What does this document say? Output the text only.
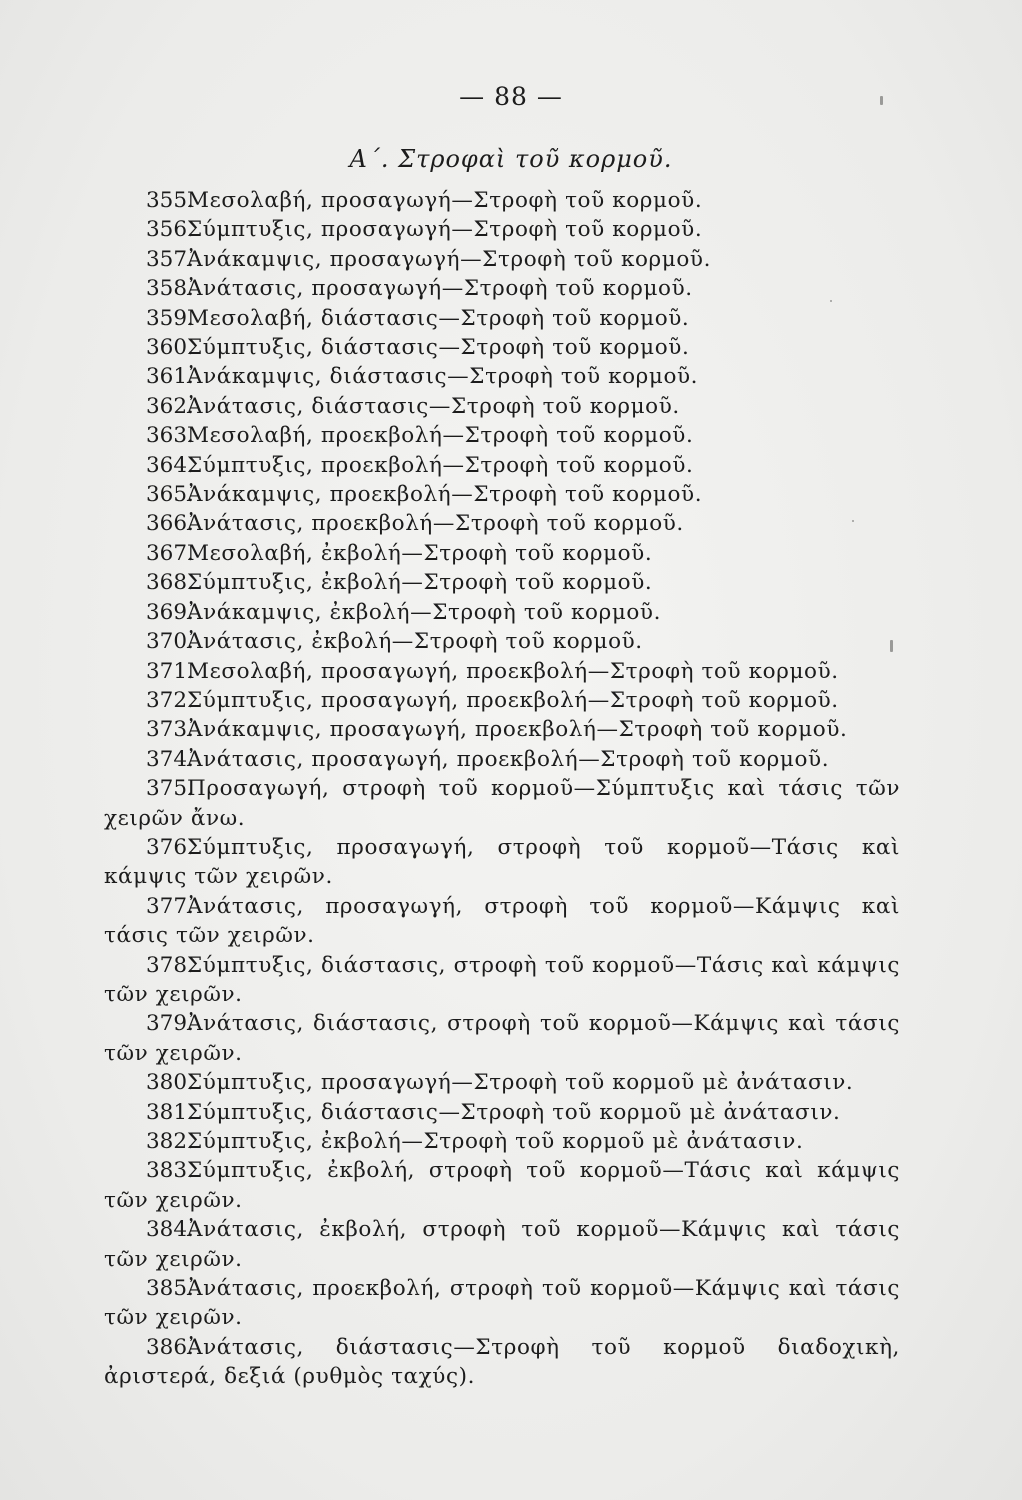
— 88 —
Α΄. Στροφαὶ τοῦ κορμοῦ.
355.Μεσολαβή, προσαγωγή—Στροφὴ τοῦ κορμοῦ.
356.Σύμπτυξις, προσαγωγή—Στροφὴ τοῦ κορμοῦ.
357.Ἀνάκαμψις, προσαγωγή—Στροφὴ τοῦ κορμοῦ.
358.Ἀνάτασις, προσαγωγή—Στροφὴ τοῦ κορμοῦ.
359.Μεσολαβή, διάστασις—Στροφὴ τοῦ κορμοῦ.
360.Σύμπτυξις, διάστασις—Στροφὴ τοῦ κορμοῦ.
361.Ἀνάκαμψις, διάστασις—Στροφὴ τοῦ κορμοῦ.
362.Ἀνάτασις, διάστασις—Στροφὴ τοῦ κορμοῦ.
363.Μεσολαβή, προεκβολή—Στροφὴ τοῦ κορμοῦ.
364.Σύμπτυξις, προεκβολή—Στροφὴ τοῦ κορμοῦ.
365.Ἀνάκαμψις, προεκβολή—Στροφὴ τοῦ κορμοῦ.
366.Ἀνάτασις, προεκβολή—Στροφὴ τοῦ κορμοῦ.
367.Μεσολαβή, ἐκβολή—Στροφὴ τοῦ κορμοῦ.
368.Σύμπτυξις, ἐκβολή—Στροφὴ τοῦ κορμοῦ.
369.Ἀνάκαμψις, ἐκβολή—Στροφὴ τοῦ κορμοῦ.
370.Ἀνάτασις, ἐκβολή—Στροφὴ τοῦ κορμοῦ.
371.Μεσολαβή, προσαγωγή, προεκβολή—Στροφὴ τοῦ κορμοῦ.
372.Σύμπτυξις, προσαγωγή, προεκβολή—Στροφὴ τοῦ κορμοῦ.
373.Ἀνάκαμψις, προσαγωγή, προεκβολή—Στροφὴ τοῦ κορμοῦ.
374.Ἀνάτασις, προσαγωγή, προεκβολή—Στροφὴ τοῦ κορμοῦ.
375.Προσαγωγή, στροφὴ τοῦ κορμοῦ—Σύμπτυξις καὶ τάσις τῶν χειρῶν ἄνω.
376.Σύμπτυξις, προσαγωγή, στροφὴ τοῦ κορμοῦ—Τάσις καὶ κάμψις τῶν χειρῶν.
377.Ἀνάτασις, προσαγωγή, στροφὴ τοῦ κορμοῦ—Κάμψις καὶ τάσις τῶν χειρῶν.
378.Σύμπτυξις, διάστασις, στροφὴ τοῦ κορμοῦ—Τάσις καὶ κάμψις τῶν χειρῶν.
379.Ἀνάτασις, διάστασις, στροφὴ τοῦ κορμοῦ—Κάμψις καὶ τάσις τῶν χειρῶν.
380.Σύμπτυξις, προσαγωγή—Στροφὴ τοῦ κορμοῦ μὲ ἀνάτασιν.
381.Σύμπτυξις, διάστασις—Στροφὴ τοῦ κορμοῦ μὲ ἀνάτασιν.
382.Σύμπτυξις, ἐκβολή—Στροφὴ τοῦ κορμοῦ μὲ ἀνάτασιν.
383.Σύμπτυξις, ἐκβολή, στροφὴ τοῦ κορμοῦ—Τάσις καὶ κάμψις τῶν χειρῶν.
384.Ἀνάτασις, ἐκβολή, στροφὴ τοῦ κορμοῦ—Κάμψις καὶ τάσις τῶν χειρῶν.
385.Ἀνάτασις, προεκβολή, στροφὴ τοῦ κορμοῦ—Κάμψις καὶ τάσις τῶν χειρῶν.
386.Ἀνάτασις, διάστασις—Στροφὴ τοῦ κορμοῦ διαδοχικὴ, ἀριστερά, δεξιά (ρυθμὸς ταχύς).
